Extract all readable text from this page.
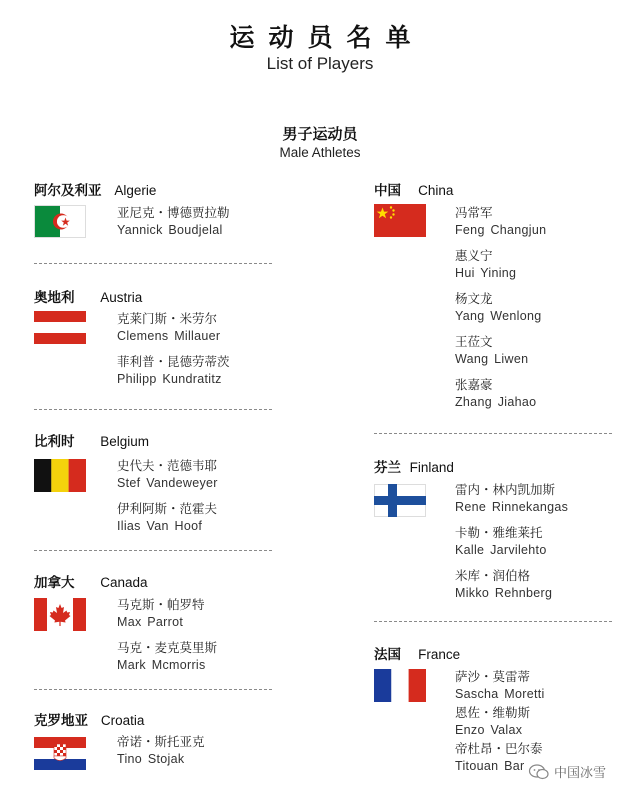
运动员名单
List of Players
男子运动员
Male Athletes
阿尔及利亚 Algerie
亚尼克・博德贾拉勒
Yannick Boudjelal
奥地利 Austria
克莱门斯・米劳尔
Clemens Millauer
菲利普・昆德劳蒂茨
Philipp Kundratitz
比利时 Belgium
史代夫・范德韦耶
Stef Vandeweyer
伊利阿斯・范霍夫
Ilias Van Hoof
加拿大 Canada
马克斯・帕罗特
Max Parrot
马克・麦克莫里斯
Mark Mcmorris
克罗地亚 Croatia
帝诺・斯托亚克
Tino Stojak
中国 China
冯常军
Feng Changjun
惠义宁
Hui Yining
杨文龙
Yang Wenlong
王莅文
Wang Liwen
张嘉豪
Zhang Jiahao
芬兰 Finland
雷内・林内凯加斯
Rene Rinnekangas
卡勒・雅维莱托
Kalle Jarvilehto
米库・润伯格
Mikko Rehnberg
法国 France
萨沙・莫雷蒂
Sascha Moretti
恩佐・维勒斯
Enzo Valax
帝杜昂・巴尔泰
Titouan Bar	中国冰雪
